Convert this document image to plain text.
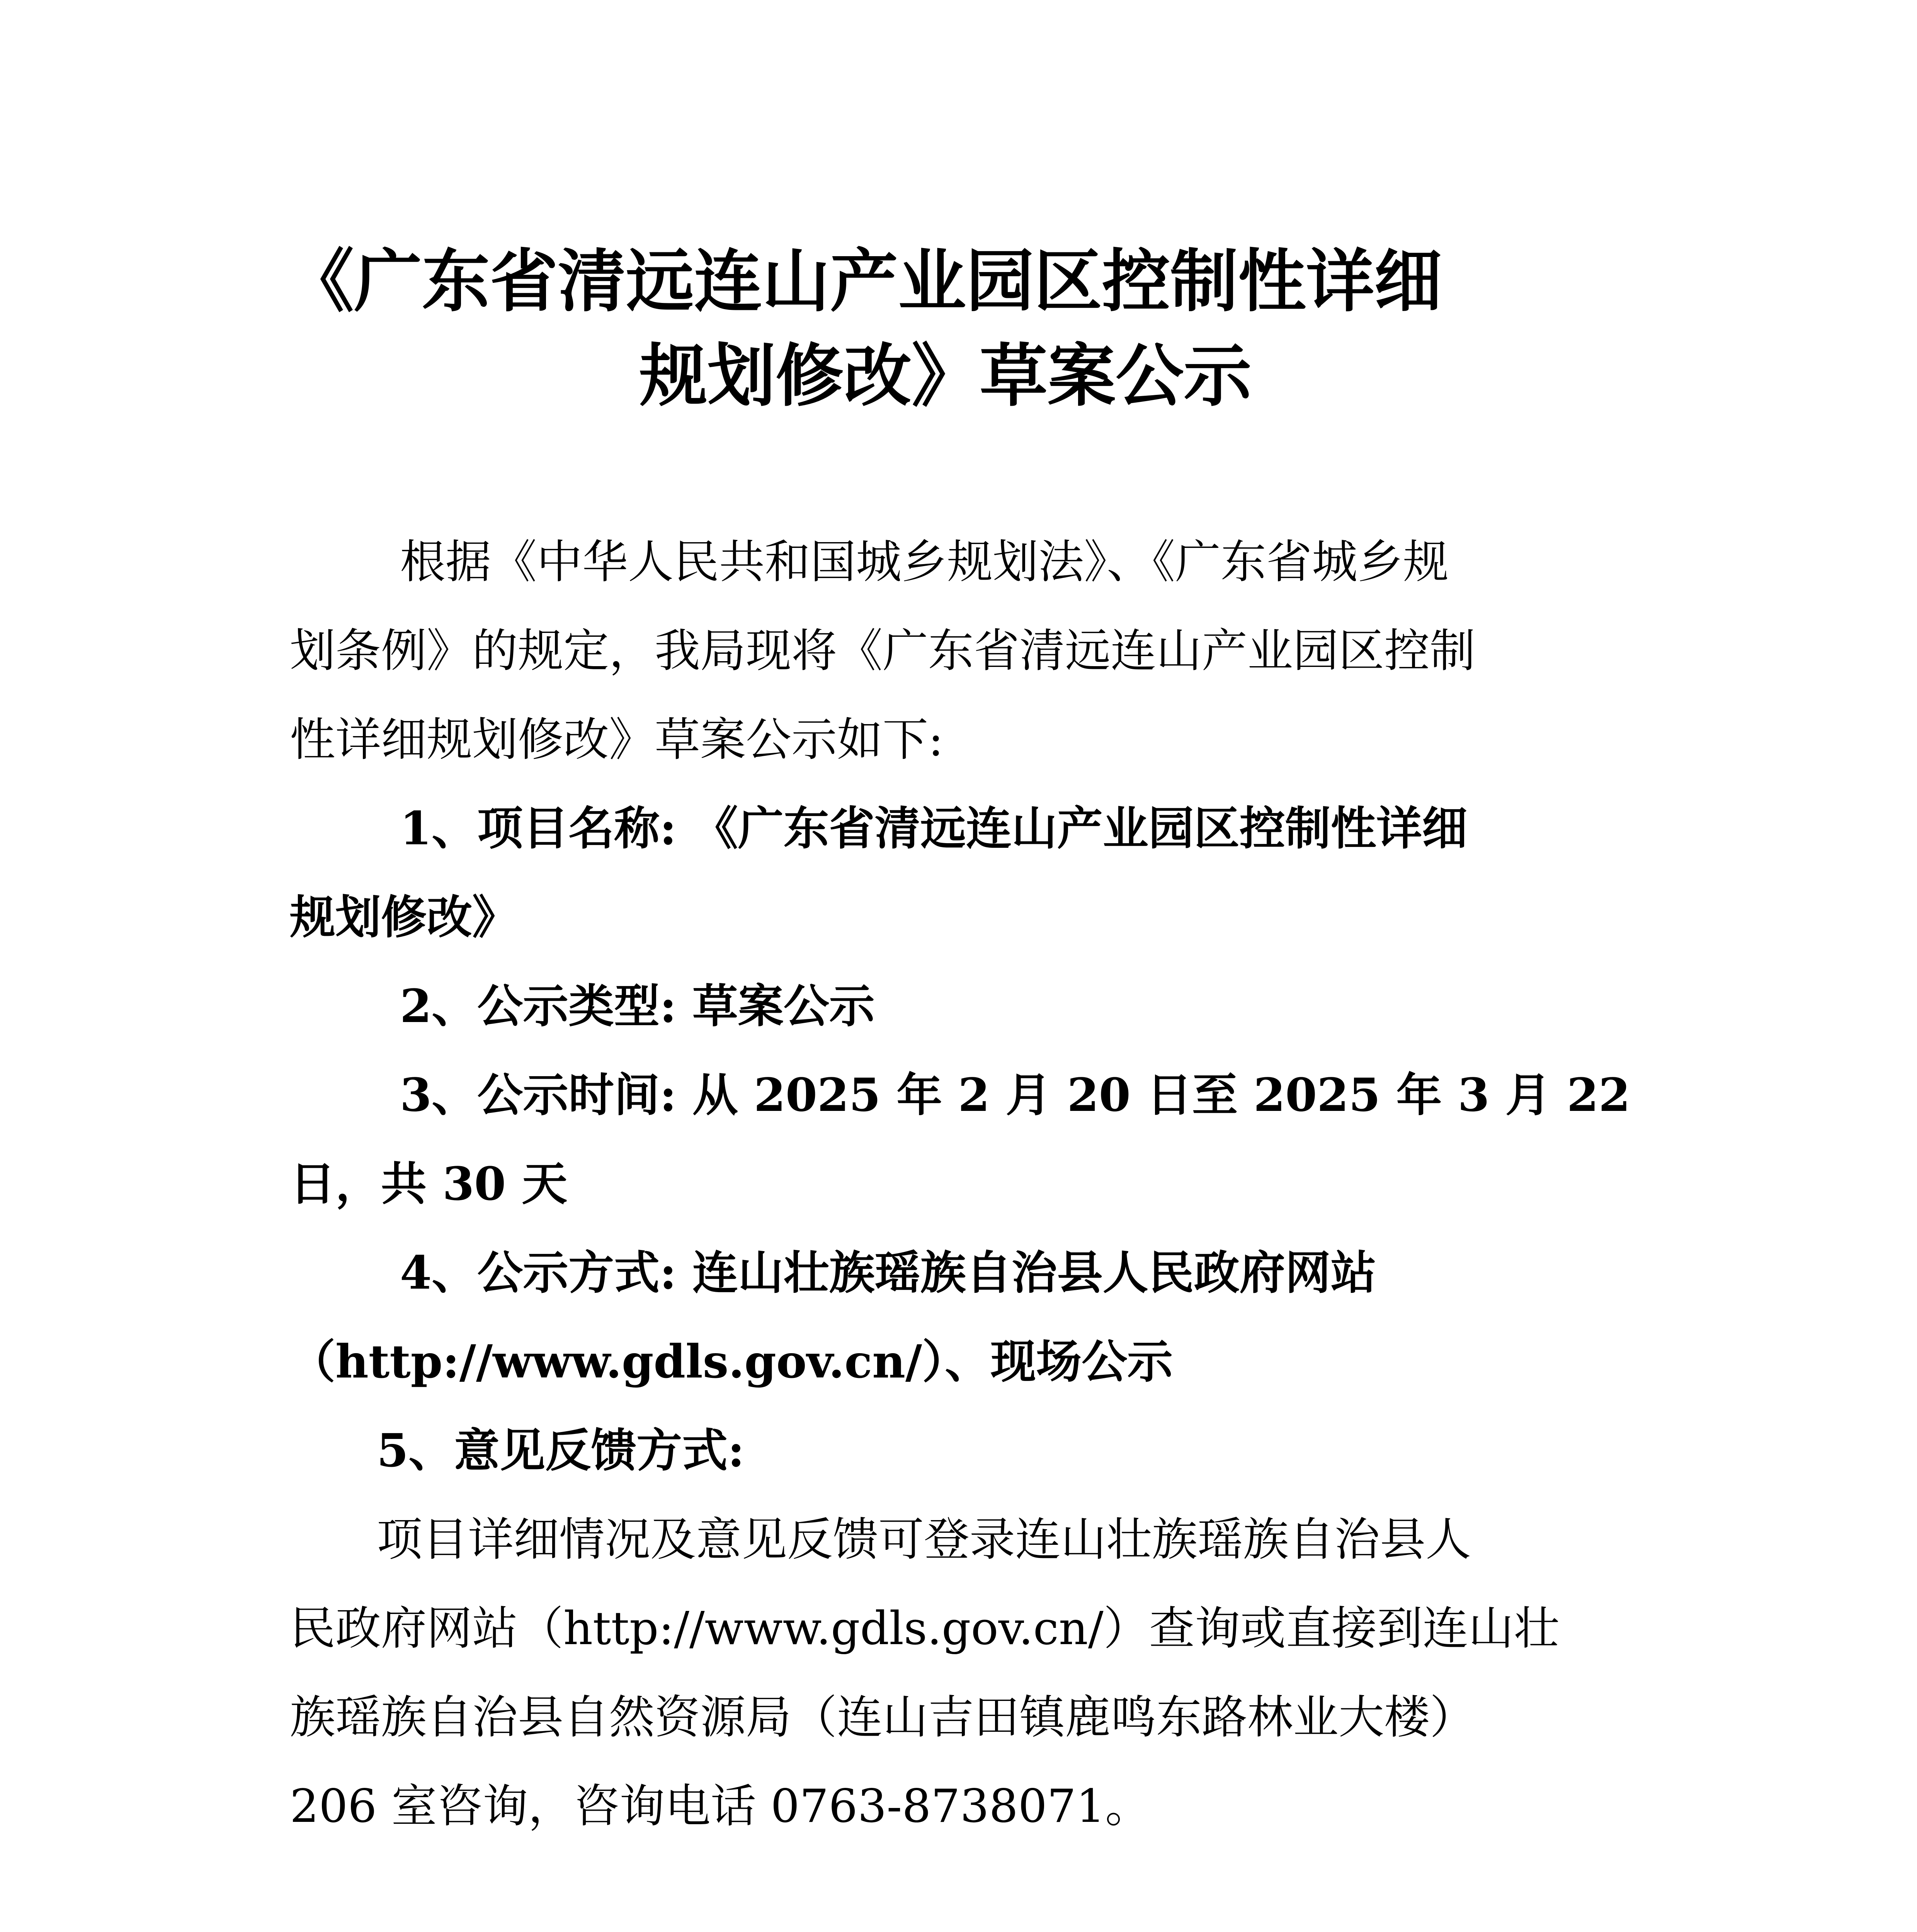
《广东省清远连山产业园区控制性详细
规划修改》草案公示
根据《中华人民共和国城乡规划法》、《广东省城乡规
划条例》的规定，我局现将《广东省清远连山产业园区控制
性详细规划修改》草案公示如下:
1、项目名称: 《广东省清远连山产业园区控制性详细
规划修改》
2、公示类型: 草案公示
3、公示时间: 从 2025 年 2 月 20 日至 2025 年 3 月 22
日，共 30 天
4、公示方式: 连山壮族瑶族自治县人民政府网站
（http://www.gdls.gov.cn/）、现场公示
5、意见反馈方式:
项目详细情况及意见反馈可登录连山壮族瑶族自治县人
民政府网站（http://www.gdls.gov.cn/）查询或直接到连山壮
族瑶族自治县自然资源局（连山吉田镇鹿鸣东路林业大楼）
206 室咨询，咨询电话 0763-8738071。
